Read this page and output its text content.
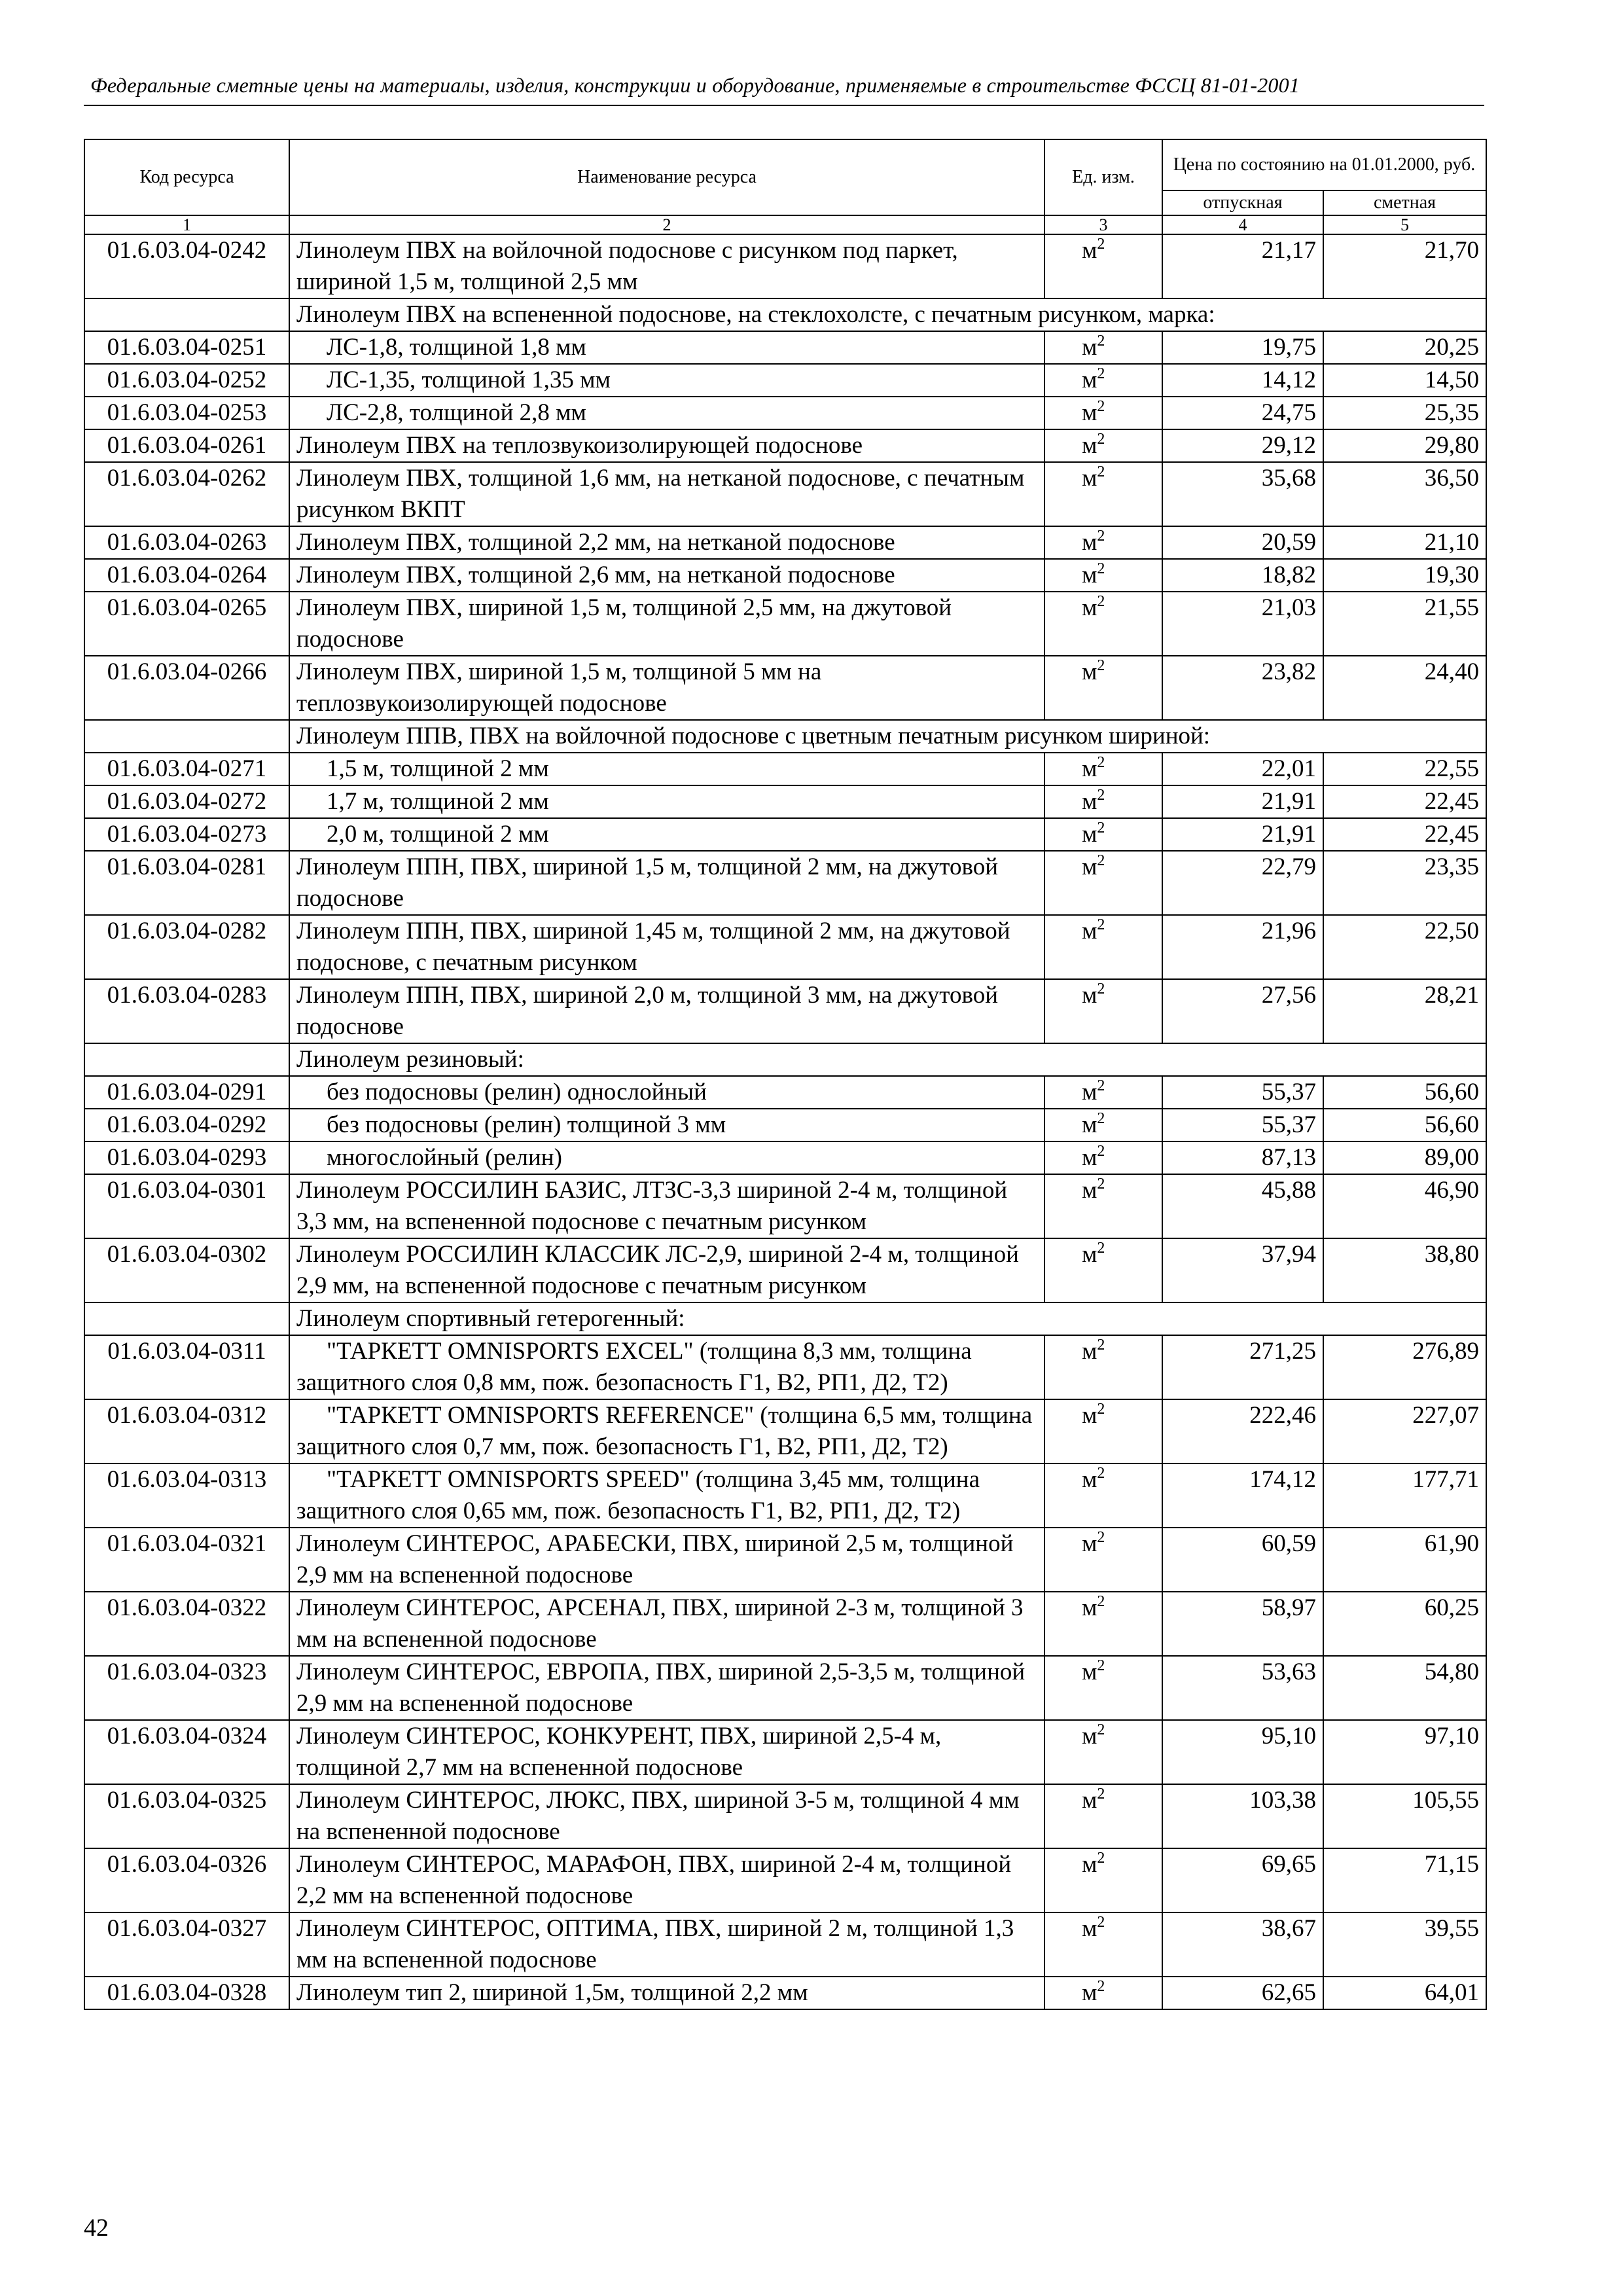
Федеральные сметные цены на материалы, изделия, конструкции и оборудование, применяемые в строительстве ФССЦ 81-01-2001
Код ресурса	Наименование ресурса	Ед. изм.	Цена по состоянию на 01.01.2000, руб.	
			отпускная	сметная
1	2	3	4	5
01.6.03.04-0242	Линолеум ПВХ на войлочной подоснове с рисунком под паркет, шириной 1,5 м, толщиной 2,5 мм	$м^2$	21,17	21,70
	Линолеум ПВХ на вспененной подоснове, на стеклохолсте, с печатным рисунком, марка:			
01.6.03.04-0251	ЛС-1,8, толщиной 1,8 мм	$м^2$	19,75	20,25
01.6.03.04-0252	ЛС-1,35, толщиной 1,35 мм	$м^2$	14,12	14,50
01.6.03.04-0253	ЛС-2,8, толщиной 2,8 мм	$м^2$	24,75	25,35
01.6.03.04-0261	Линолеум ПВХ на теплозвукоизолирующей подоснове	$м^2$	29,12	29,80
01.6.03.04-0262	Линолеум ПВХ, толщиной 1,6 мм, на нетканой подоснове, с печатным рисунком ВКПТ	$м^2$	35,68	36,50
01.6.03.04-0263	Линолеум ПВХ, толщиной 2,2 мм, на нетканой подоснове	$м^2$	20,59	21,10
01.6.03.04-0264	Линолеум ПВХ, толщиной 2,6 мм, на нетканой подоснове	$м^2$	18,82	19,30
01.6.03.04-0265	Линолеум ПВХ, шириной 1,5 м, толщиной 2,5 мм, на джутовой подоснове	$м^2$	21,03	21,55
01.6.03.04-0266	Линолеум ПВХ, шириной 1,5 м, толщиной 5 мм на теплозвукоизолирующей подоснове	$м^2$	23,82	24,40
	Линолеум ППВ, ПВХ на войлочной подоснове с цветным печатным рисунком шириной:			
01.6.03.04-0271	1,5 м, толщиной 2 мм	$м^2$	22,01	22,55
01.6.03.04-0272	1,7 м, толщиной 2 мм	$м^2$	21,91	22,45
01.6.03.04-0273	2,0 м, толщиной 2 мм	$м^2$	21,91	22,45
01.6.03.04-0281	Линолеум ППН, ПВХ, шириной 1,5 м, толщиной 2 мм, на джутовой подоснове	$м^2$	22,79	23,35
01.6.03.04-0282	Линолеум ППН, ПВХ, шириной 1,45 м, толщиной 2 мм, на джутовой подоснове, с печатным рисунком	$м^2$	21,96	22,50
01.6.03.04-0283	Линолеум ППН, ПВХ, шириной 2,0 м, толщиной 3 мм, на джутовой подоснове	$м^2$	27,56	28,21
	Линолеум резиновый:			
01.6.03.04-0291	без подосновы (релин) однослойный	$м^2$	55,37	56,60
01.6.03.04-0292	без подосновы (релин) толщиной 3 мм	$м^2$	55,37	56,60
01.6.03.04-0293	многослойный (релин)	$м^2$	87,13	89,00
01.6.03.04-0301	Линолеум РОССИЛИН БАЗИС, ЛТЗС-3,3 шириной 2-4 м, толщиной 3,3 мм, на вспененной подоснове с печатным рисунком	$м^2$	45,88	46,90
01.6.03.04-0302	Линолеум РОССИЛИН КЛАССИК ЛС-2,9, шириной 2-4 м, толщиной 2,9 мм, на вспененной подоснове с печатным рисунком	$м^2$	37,94	38,80
	Линолеум спортивный гетерогенный:			
01.6.03.04-0311	"ТАРКЕТТ OMNISPORTS EXCEL" (толщина 8,3 мм, толщина защитного слоя 0,8 мм, пож. безопасность Г1, В2, РП1, Д2, Т2)	$м^2$	271,25	276,89
01.6.03.04-0312	"ТАРКЕТТ OMNISPORTS REFERENCE" (толщина 6,5 мм, толщина защитного слоя 0,7 мм, пож. безопасность Г1, В2, РП1, Д2, Т2)	$м^2$	222,46	227,07
01.6.03.04-0313	"ТАРКЕТТ OMNISPORTS SPEED" (толщина 3,45 мм, толщина защитного слоя 0,65 мм, пож. безопасность Г1, В2, РП1, Д2, Т2)	$м^2$	174,12	177,71
01.6.03.04-0321	Линолеум СИНТЕРОС, АРАБЕСКИ, ПВХ, шириной 2,5 м, толщиной 2,9 мм на вспененной подоснове	$м^2$	60,59	61,90
01.6.03.04-0322	Линолеум СИНТЕРОС, АРСЕНАЛ, ПВХ, шириной 2-3 м, толщиной 3 мм на вспененной подоснове	$м^2$	58,97	60,25
01.6.03.04-0323	Линолеум СИНТЕРОС, ЕВРОПА, ПВХ, шириной 2,5-3,5 м, толщиной 2,9 мм на вспененной подоснове	$м^2$	53,63	54,80
01.6.03.04-0324	Линолеум СИНТЕРОС, КОНКУРЕНТ, ПВХ, шириной 2,5-4 м, толщиной 2,7 мм на вспененной подоснове	$м^2$	95,10	97,10
01.6.03.04-0325	Линолеум СИНТЕРОС, ЛЮКС, ПВХ, шириной 3-5 м, толщиной 4 мм на вспененной подоснове	$м^2$	103,38	105,55
01.6.03.04-0326	Линолеум СИНТЕРОС, МАРАФОН, ПВХ, шириной 2-4 м, толщиной 2,2 мм на вспененной подоснове	$м^2$	69,65	71,15
01.6.03.04-0327	Линолеум СИНТЕРОС, ОПТИМА, ПВХ, шириной 2 м, толщиной 1,3 мм на вспененной подоснове	$м^2$	38,67	39,55
01.6.03.04-0328	Линолеум тип 2, шириной 1,5м, толщиной 2,2 мм	$м^2$	62,65	64,01
42
